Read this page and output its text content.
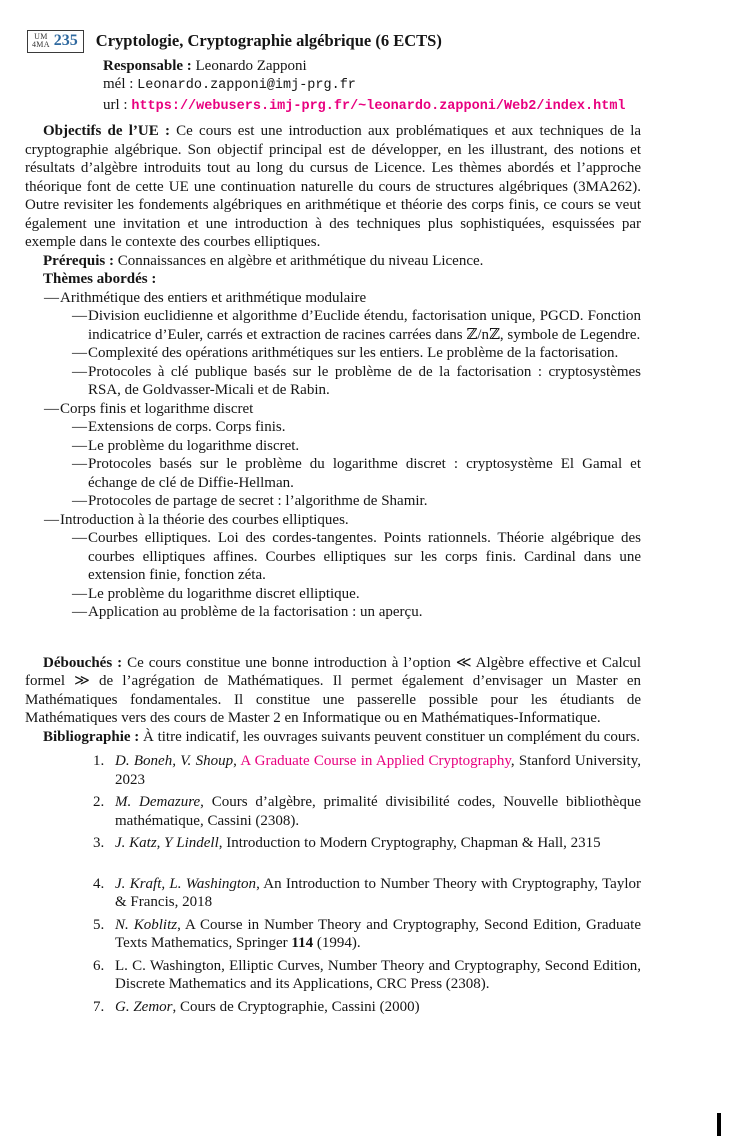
UM
4MA 235 Cryptologie, Cryptographie algébrique (6 ECTS)
Responsable : Leonardo Zapponi
mél : Leonardo.zapponi@imj-prg.fr
url : https://webusers.imj-prg.fr/~leonardo.zapponi/Web2/index.html

Objectifs de l’UE : Ce cours est une introduction aux problématiques et aux techniques de la cryptographie algébrique. Son objectif principal est de développer, en les illustrant, des notions et résultats d’algèbre introduits tout au long du cursus de Licence. Les thèmes abordés et l’approche théorique font de cette UE une continuation naturelle du cours de structures algébriques (3MA262). Outre revisiter les fondements algébriques en arithmétique et théorie des corps finis, ce cours se veut également une invitation et une introduction à des techniques plus sophistiquées, esquissées par exemple dans le contexte des courbes elliptiques.

Prérequis : Connaissances en algèbre et arithmétique du niveau Licence.

Thèmes abordés :

— Arithmétique des entiers et arithmétique modulaire
— Division euclidienne et algorithme d’Euclide étendu, factorisation unique, PGCD. Fonction indicatrice d’Euler, carrés et extraction de racines carrées dans ℤ/nℤ, symbole de Legendre.
— Complexité des opérations arithmétiques sur les entiers. Le problème de la factorisation.
— Protocoles à clé publique basés sur le problème de de la factorisation : cryptosystèmes RSA, de Goldvasser-Micali et de Rabin.
— Corps finis et logarithme discret
— Extensions de corps. Corps finis.
— Le problème du logarithme discret.
— Protocoles basés sur le problème du logarithme discret : cryptosystème El Gamal et échange de clé de Diffie-Hellman.
— Protocoles de partage de secret : l’algorithme de Shamir.
— Introduction à la théorie des courbes elliptiques.
— Courbes elliptiques. Loi des cordes-tangentes. Points rationnels. Théorie algébrique des courbes elliptiques affines. Courbes elliptiques sur les corps finis. Cardinal dans une extension finie, fonction zéta.
— Le problème du logarithme discret elliptique.
— Application au problème de la factorisation : un aperçu.

Débouchés : Ce cours constitue une bonne introduction à l’option ≪ Algèbre effective et Calcul formel ≫ de l’agrégation de Mathématiques. Il permet également d’envisager un Master en Mathématiques fondamentales. Il constitue une passerelle possible pour les étudiants de Mathématiques vers des cours de Master 2 en Informatique ou en Mathématiques-Informatique.

Bibliographie : À titre indicatif, les ouvrages suivants peuvent constituer un complément du cours.

1. D. Boneh, V. Shoup, A Graduate Course in Applied Cryptography, Stanford University, 2023
2. M. Demazure, Cours d’algèbre, primalité divisibilité codes, Nouvelle bibliothèque mathématique, Cassini (2308).
3. J. Katz, Y Lindell, Introduction to Modern Cryptography, Chapman & Hall, 2315
4. J. Kraft, L. Washington, An Introduction to Number Theory with Cryptography, Taylor & Francis, 2018
5. N. Koblitz, A Course in Number Theory and Cryptography, Second Edition, Graduate Texts Mathematics, Springer 114 (1994).
6. L. C. Washington, Elliptic Curves, Number Theory and Cryptography, Second Edition, Discrete Mathematics and its Applications, CRC Press (2308).
7. G. Zemor, Cours de Cryptographie, Cassini (2000)
